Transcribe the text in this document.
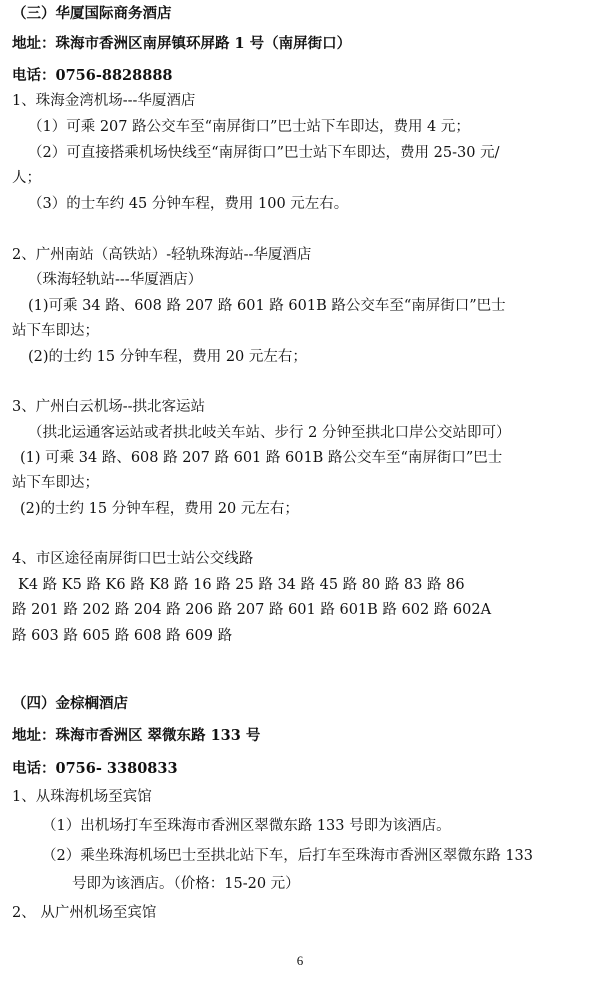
（三）华厦国际商务酒店
地址：珠海市香洲区南屏镇环屏路 1 号（南屏街口）
电话：0756-8828888
1、珠海金湾机场---华厦酒店
（1）可乘 207 路公交车至“南屏街口”巴士站下车即达，费用 4 元；
（2）可直接搭乘机场快线至“南屏街口”巴士站下车即达，费用 25-30 元/
人；
（3）的士车约 45 分钟车程，费用 100 元左右。
2、广州南站（高铁站）-轻轨珠海站--华厦酒店
（珠海轻轨站---华厦酒店）
(1)可乘 34 路、608 路 207 路 601 路 601B 路公交车至“南屏街口”巴士
站下车即达；
(2)的士约 15 分钟车程，费用 20 元左右；
3、广州白云机场--拱北客运站
（拱北运通客运站或者拱北岐关车站、步行 2 分钟至拱北口岸公交站即可）
(1) 可乘 34 路、608 路 207 路 601 路 601B 路公交车至“南屏街口”巴士
站下车即达；
(2)的士约 15 分钟车程，费用 20 元左右；
4、市区途径南屏街口巴士站公交线路
K4 路 K5 路 K6 路 K8 路 16 路 25 路 34 路 45 路 80 路 83 路 86
路 201 路 202 路 204 路 206 路 207 路 601 路 601B 路 602 路 602A
路 603 路 605 路 608 路 609 路
（四）金棕榈酒店
地址：珠海市香洲区 翠微东路 133 号
电话：0756- 3380833
1、从珠海机场至宾馆
（1）出机场打车至珠海市香洲区翠微东路 133 号即为该酒店。
（2）乘坐珠海机场巴士至拱北站下车，后打车至珠海市香洲区翠微东路 133
号即为该酒店。（价格：15-20 元）
2、 从广州机场至宾馆
6
